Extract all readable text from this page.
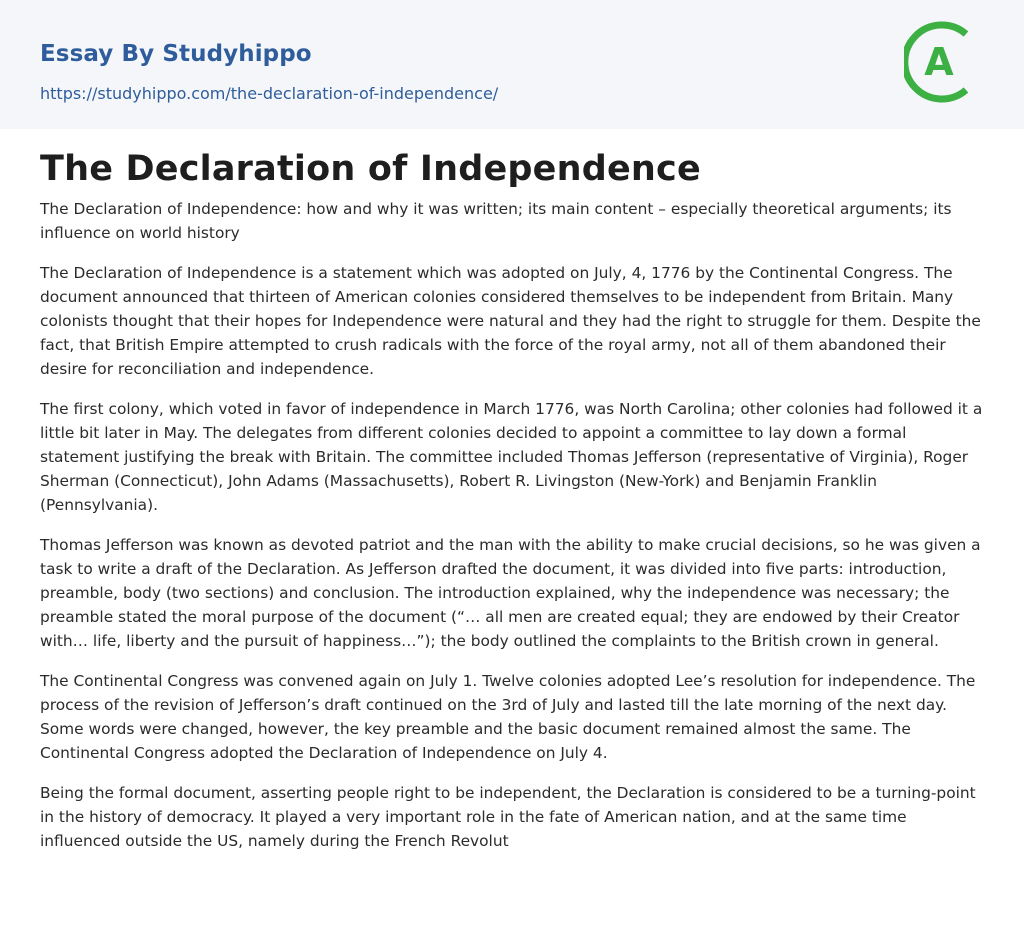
Essay By Studyhippo
https://studyhippo.com/the-declaration-of-independence/
A
The Declaration of Independence

The Declaration of Independence: how and why it was written; its main content – especially theoretical arguments; its influence on world history

The Declaration of Independence is a statement which was adopted on July, 4, 1776 by the Continental Congress. The document announced that thirteen of American colonies considered themselves to be independent from Britain. Many colonists thought that their hopes for Independence were natural and they had the right to struggle for them. Despite the fact, that British Empire attempted to crush radicals with the force of the royal army, not all of them abandoned their desire for reconciliation and independence.

The first colony, which voted in favor of independence in March 1776, was North Carolina; other colonies had followed it a little bit later in May. The delegates from different colonies decided to appoint a committee to lay down a formal statement justifying the break with Britain. The committee included Thomas Jefferson (representative of Virginia), Roger Sherman (Connecticut), John Adams (Massachusetts), Robert R. Livingston (New-York) and Benjamin Franklin (Pennsylvania).

Thomas Jefferson was known as devoted patriot and the man with the ability to make crucial decisions, so he was given a task to write a draft of the Declaration. As Jefferson drafted the document, it was divided into five parts: introduction, preamble, body (two sections) and conclusion. The introduction explained, why the independence was necessary; the preamble stated the moral purpose of the document (“… all men are created equal; they are endowed by their Creator with… life, liberty and the pursuit of happiness…”); the body outlined the complaints to the British crown in general.

The Continental Congress was convened again on July 1. Twelve colonies adopted Lee’s resolution for independence. The process of the revision of Jefferson’s draft continued on the 3rd of July and lasted till the late morning of the next day. Some words were changed, however, the key preamble and the basic document remained almost the same. The Continental Congress adopted the Declaration of Independence on July 4.

Being the formal document, asserting people right to be independent, the Declaration is considered to be a turning-point in the history of democracy. It played a very important role in the fate of American nation, and at the same time influenced outside the US, namely during the French Revolut
